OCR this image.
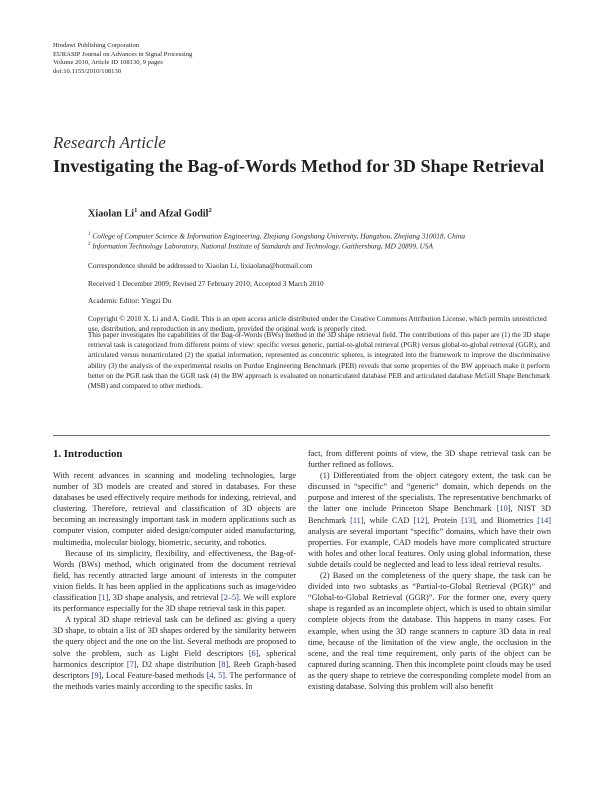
Hindawi Publishing Corporation
EURASIP Journal on Advances in Signal Processing
Volume 2010, Article ID 108130, 9 pages
doi:10.1155/2010/108130
Research Article
Investigating the Bag-of-Words Method for 3D Shape Retrieval
Xiaolan Li$^1$ and Afzal Godil$^2$
$^1$ College of Computer Science & Information Engineering, Zhejiang Gongshang University, Hangzhou, Zhejiang 310018, China
$^2$ Information Technology Laboratory, National Institute of Standards and Technology, Gaithersburg, MD 20899, USA
Correspondence should be addressed to Xiaolan Li, lixiaolana@hotmail.com
Received 1 December 2009; Revised 27 February 2010; Accepted 3 March 2010
Academic Editor: Yingzi Du
Copyright © 2010 X. Li and A. Godil. This is an open access article distributed under the Creative Commons Attribution License, which permits unrestricted use, distribution, and reproduction in any medium, provided the original work is properly cited.
This paper investigates the capabilities of the Bag-of-Words (BWs) method in the 3D shape retrieval field. The contributions of this paper are (1) the 3D shape retrieval task is categorized from different points of view: specific versus generic, partial-to-global retrieval (PGR) versus global-to-global retrieval (GGR), and articulated versus nonarticulated (2) the spatial information, represented as concentric spheres, is integrated into the framework to improve the discriminative ability (3) the analysis of the experimental results on Purdue Engineering Benchmark (PEB) reveals that some properties of the BW approach make it perform better on the PGR task than the GGR task (4) the BW approach is evaluated on nonarticulated database PEB and articulated database McGill Shape Benchmark (MSB) and compared to other methods.
1. Introduction

With recent advances in scanning and modeling technologies, large number of 3D models are created and stored in databases. For these databases be used effectively require methods for indexing, retrieval, and clustering. Therefore, retrieval and classification of 3D objects are becoming an increasingly important task in modern applications such as computer vision, computer aided design/computer aided manufacturing, multimedia, molecular biology, biometric, security, and robotics.

Because of its simplicity, flexibility, and effectiveness, the Bag-of-Words (BWs) method, which originated from the document retrieval field, has recently attracted large amount of interests in the computer vision fields. It has been applied in the applications such as image/video classification [1], 3D shape analysis, and retrieval [2–5]. We will explore its performance especially for the 3D shape retrieval task in this paper.

A typical 3D shape retrieval task can be defined as: giving a query 3D shape, to obtain a list of 3D shapes ordered by the similarity between the query object and the one on the list. Several methods are proposed to solve the problem, such as Light Field descriptors [6], spherical harmonics descriptor [7], D2 shape distribution [8], Reeb Graph-based descriptors [9], Local Feature-based methods [4, 5]. The performance of the methods varies mainly according to the specific tasks. In

fact, from different points of view, the 3D shape retrieval task can be further refined as follows.

(1) Differentiated from the object category extent, the task can be discussed in “specific” and “generic” domain, which depends on the purpose and interest of the specialists. The representative benchmarks of the latter one include Princeton Shape Benchmark [10], NIST 3D Benchmark [11], while CAD [12], Protein [13], and Biometrics [14] analysis are several important “specific” domains, which have their own properties. For example, CAD models have more complicated structure with holes and other local features. Only using global information, these subtle details could be neglected and lead to less ideal retrieval results.

(2) Based on the completeness of the query shape, the task can be divided into two subtasks as “Partial-to-Global Retrieval (PGR)” and “Global-to-Global Retrieval (GGR)”. For the former one, every query shape is regarded as an incomplete object, which is used to obtain similar complete objects from the database. This happens in many cases. For example, when using the 3D range scanners to capture 3D data in real time, because of the limitation of the view angle, the occlusion in the scene, and the real time requirement, only parts of the object can be captured during scanning. Then this incomplete point clouds may be used as the query shape to retrieve the corresponding complete model from an existing database. Solving this problem will also benefit
